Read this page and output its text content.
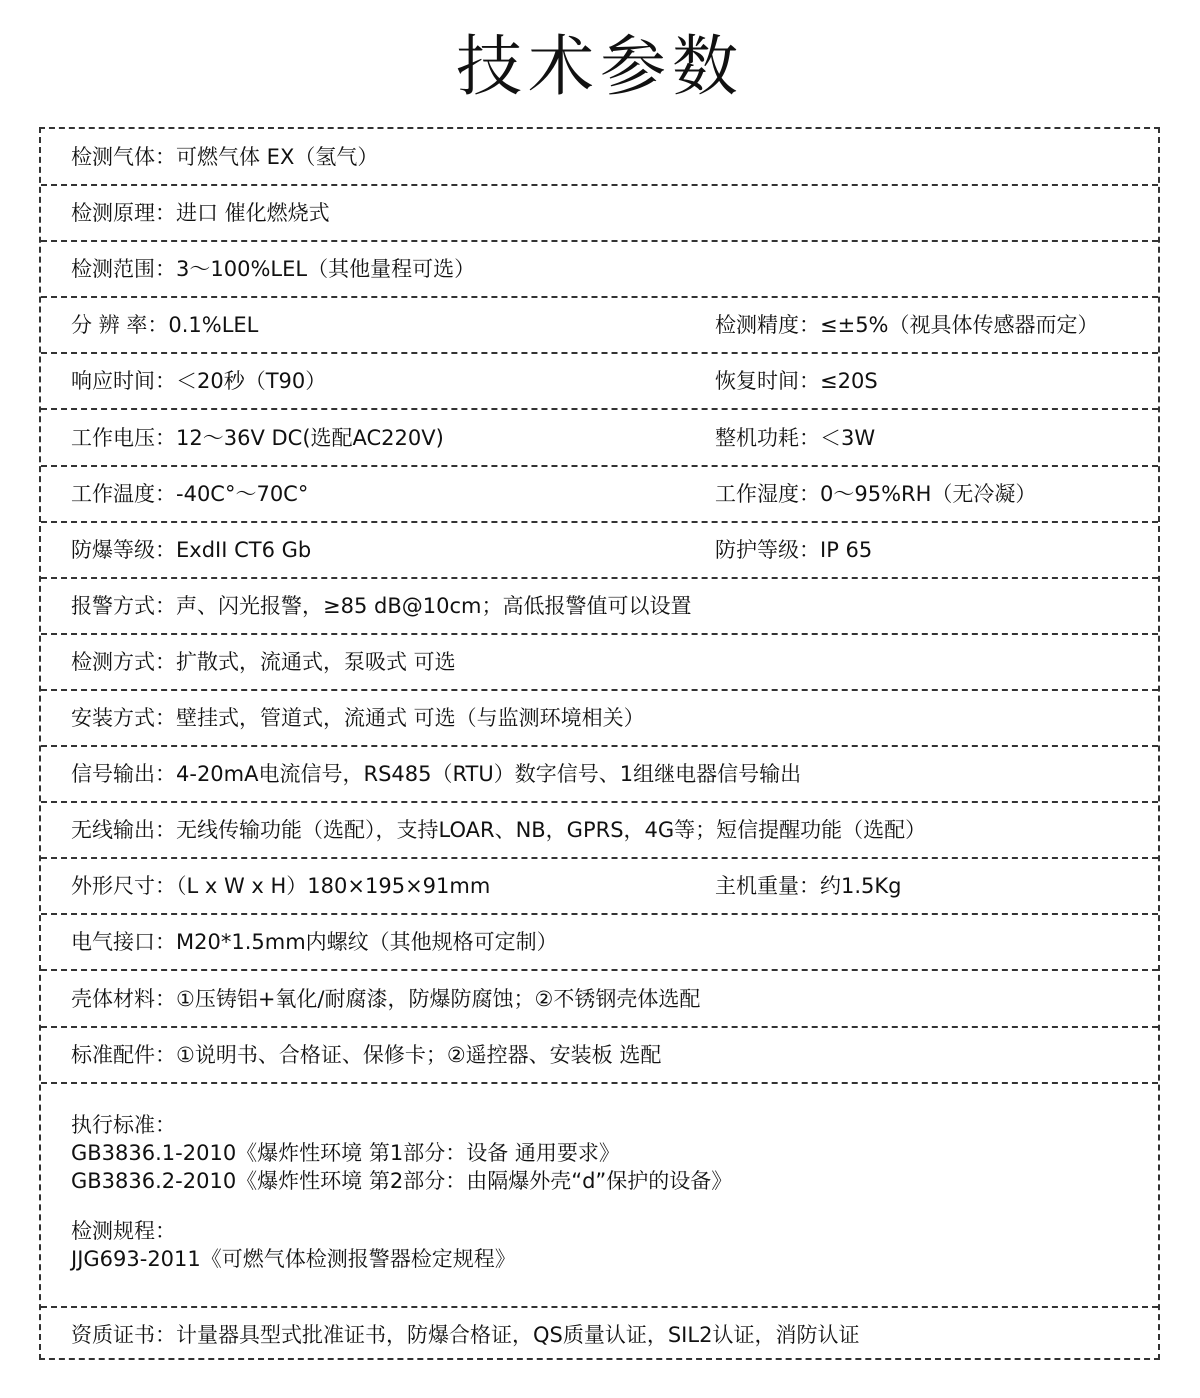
技术参数
检测气体：可燃气体 EX（氢气）
检测原理：进口 催化燃烧式
检测范围：3～100%LEL（其他量程可选）
分 辨 率：0.1%LEL	检测精度：≤±5%（视具体传感器而定）
响应时间：＜20秒（T90）	恢复时间：≤20S
工作电压：12～36V DC(选配AC220V)	整机功耗：＜3W
工作温度：-40C°～70C°	工作湿度：0～95%RH（无冷凝）
防爆等级：ExdII CT6 Gb	防护等级：IP 65
报警方式：声、闪光报警，≥85 dB@10cm；高低报警值可以设置
检测方式：扩散式，流通式，泵吸式 可选
安装方式：壁挂式，管道式，流通式 可选（与监测环境相关）
信号输出：4-20mA电流信号，RS485（RTU）数字信号、1组继电器信号输出
无线输出：无线传输功能（选配），支持LOAR、NB，GPRS，4G等；短信提醒功能（选配）
外形尺寸：（L x W x H）180×195×91mm	主机重量：约1.5Kg
电气接口：M20*1.5mm内螺纹（其他规格可定制）
壳体材料：①压铸铝+氧化/耐腐漆，防爆防腐蚀；②不锈钢壳体选配
标准配件：①说明书、合格证、保修卡；②遥控器、安装板 选配
执行标准：
GB3836.1-2010《爆炸性环境 第1部分：设备 通用要求》
GB3836.2-2010《爆炸性环境 第2部分：由隔爆外壳“d”保护的设备》
检测规程：
JJG693-2011《可燃气体检测报警器检定规程》
资质证书：计量器具型式批准证书，防爆合格证，QS质量认证，SIL2认证，消防认证
